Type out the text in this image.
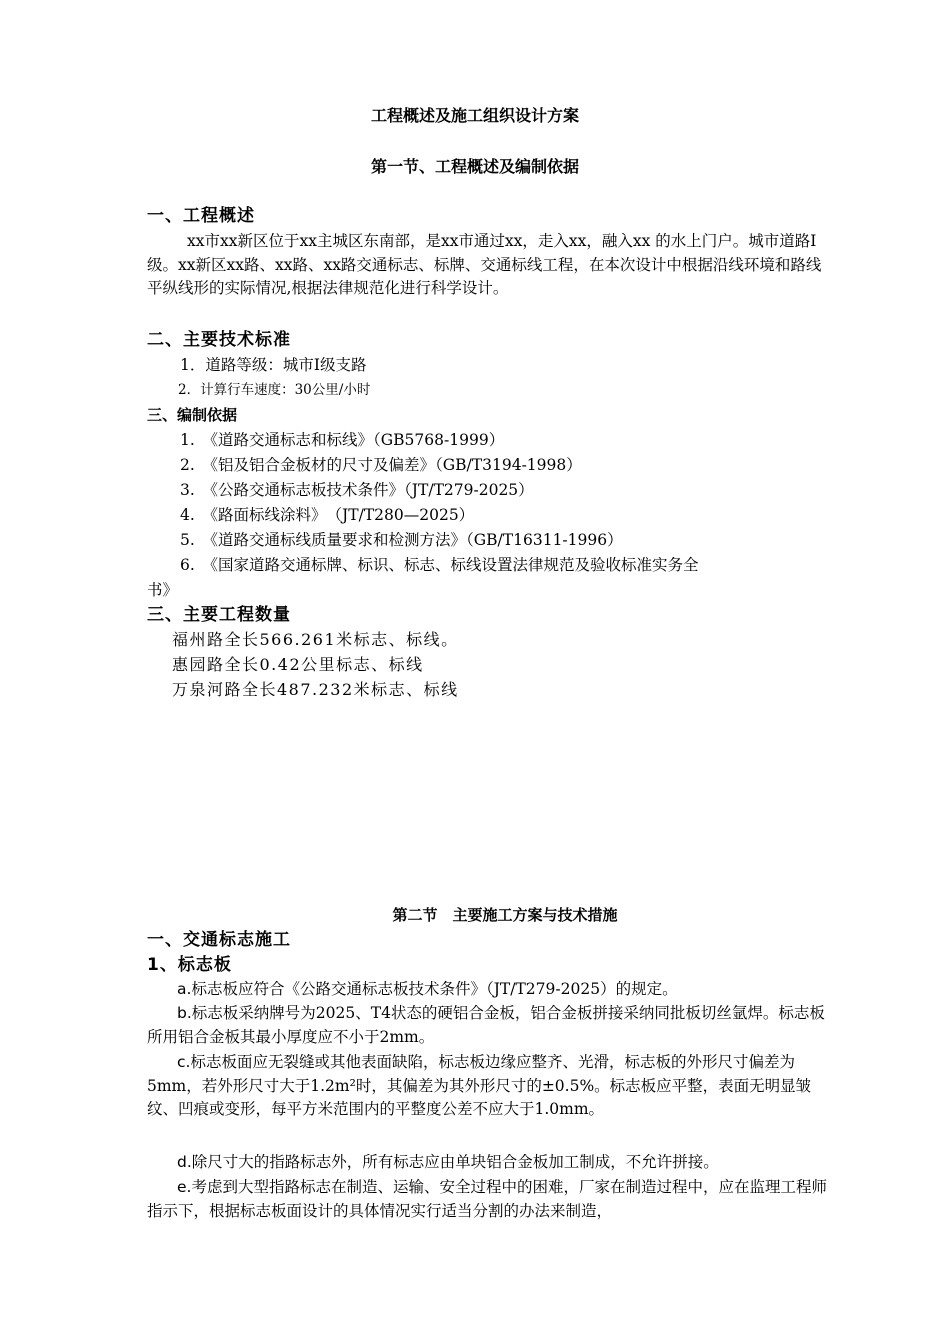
工程概述及施工组织设计方案
第一节、工程概述及编制依据
一、工程概述
xx市xx新区位于xx主城区东南部，是xx市通过xx，走入xx，融入xx 的水上门户。城市道路Ⅰ级。xx新区xx路、xx路、xx路交通标志、标牌、交通标线工程，在本次设计中根据沿线环境和路线平纵线形的实际情况,根据法律规范化进行科学设计。
二、主要技术标准
1．道路等级：城市Ⅰ级支路
2．计算行车速度：30公里/小时
三、编制依据
1.　《道路交通标志和标线》（GB5768-1999）
2.　《铝及铝合金板材的尺寸及偏差》（GB/T3194-1998）
3.　《公路交通标志板技术条件》（JT/T279-2025）
4.　《路面标线涂料》　（JT/T280—2025）
5.　《道路交通标线质量要求和检测方法》（GB/T16311-1996）
6.　《国家道路交通标牌、标识、标志、标线设置法律规范及验收标准实务全
书》
三、主要工程数量
福州路全长566.261米标志、标线。
惠园路全长0.42公里标志、标线
万泉河路全长487.232米标志、标线
第二节　主要施工方案与技术措施
一、交通标志施工
1、标志板
a.标志板应符合《公路交通标志板技术条件》（JT/T279-2025）的规定。
b.标志板采纳牌号为2025、T4状态的硬铝合金板，铝合金板拼接采纳同批板切丝氩焊。标志板所用铝合金板其最小厚度应不小于2mm。
c.标志板面应无裂缝或其他表面缺陷，标志板边缘应整齐、光滑，标志板的外形尺寸偏差为5mm，若外形尺寸大于1.2m²时，其偏差为其外形尺寸的±0.5%。标志板应平整，表面无明显皱纹、凹痕或变形，每平方米范围内的平整度公差不应大于1.0mm。
d.除尺寸大的指路标志外，所有标志应由单块铝合金板加工制成，不允许拼接。
e.考虑到大型指路标志在制造、运输、安全过程中的困难，厂家在制造过程中，应在监理工程师指示下，根据标志板面设计的具体情况实行适当分割的办法来制造，
